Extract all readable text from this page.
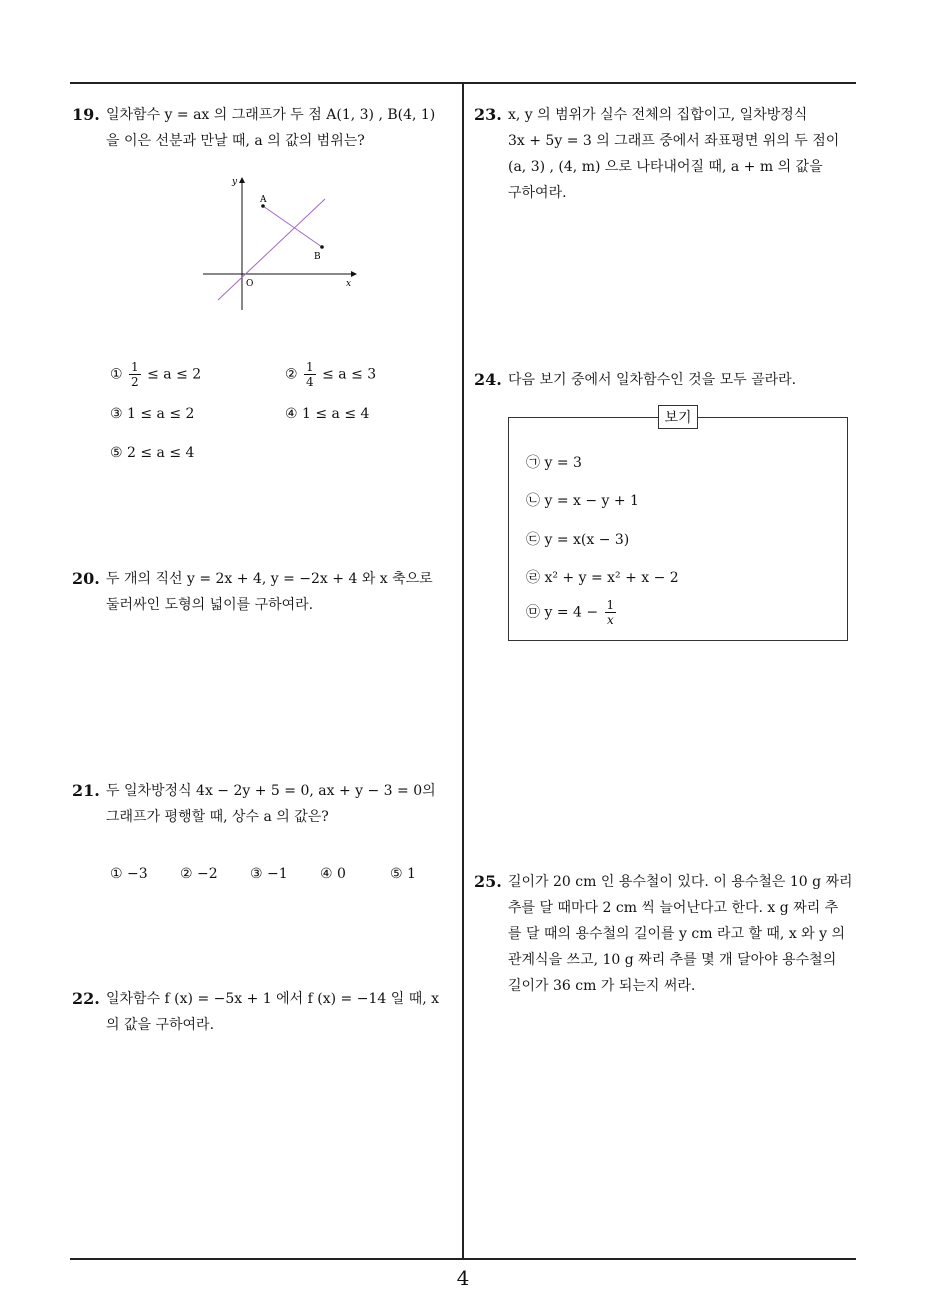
19. 일차함수 y = ax 의 그래프가 두 점 A(1, 3) , B(4, 1)
을 이은 선분과 만날 때, a 의 값의 범위는?
y
x
O
A
B
① $\frac{1}{2} \le a \le 2$	② $\frac{1}{4} \le a \le 3$
③ 1 ≤ a ≤ 2	④ 1 ≤ a ≤ 4
⑤ 2 ≤ a ≤ 4
20. 두 개의 직선 y = 2x + 4, y = −2x + 4 와 x 축으로
둘러싸인 도형의 넓이를 구하여라.
21. 두 일차방정식 4x − 2y + 5 = 0, ax + y − 3 = 0의
그래프가 평행할 때, 상수 a 의 값은?
① −3 ② −2 ③ −1 ④ 0	⑤ 1
22. 일차함수 f (x) = −5x + 1 에서 f (x) = −14 일 때, x
의 값을 구하여라.
23. x, y 의 범위가 실수 전체의 집합이고, 일차방정식
3x + 5y = 3 의 그래프 중에서 좌표평면 위의 두 점이
(a, 3) , (4, m) 으로 나타내어질 때, a + m 의 값을
구하여라.
24. 다음 보기 중에서 일차함수인 것을 모두 골라라.
보기
㉠ y = 3
㉡ y = x − y + 1
㉢ y = x(x − 3)
㉣ x² + y = x² + x − 2
㉤ $y = 4 - \frac{1}{x}$
25. 길이가 20 cm 인 용수철이 있다. 이 용수철은 10 g 짜리
추를 달 때마다 2 cm 씩 늘어난다고 한다. x g 짜리 추
를 달 때의 용수철의 길이를 y cm 라고 할 때, x 와 y 의
관계식을 쓰고, 10 g 짜리 추를 몇 개 달아야 용수철의
길이가 36 cm 가 되는지 써라.
4
